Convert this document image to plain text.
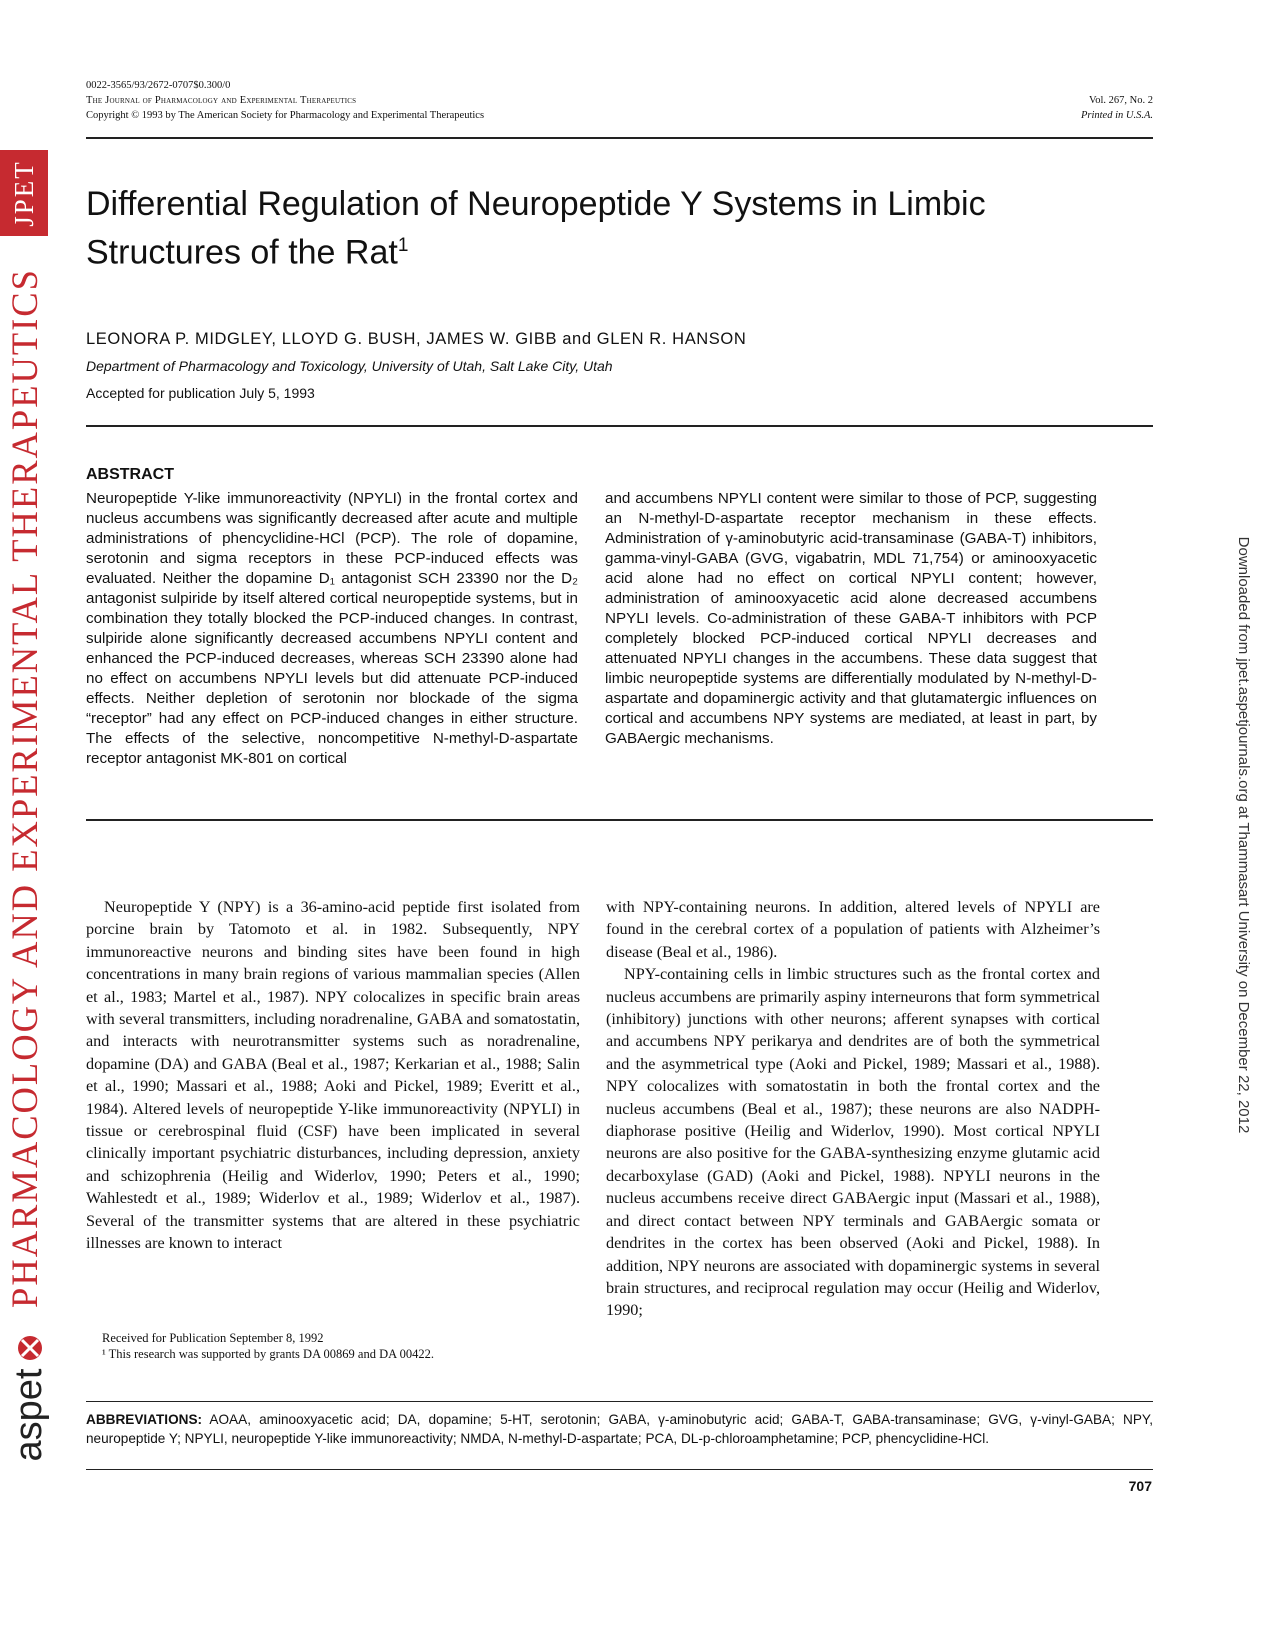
0022-3565/93/2672-0707$0.300/0
The Journal of Pharmacology and Experimental Therapeutics
Copyright © 1993 by The American Society for Pharmacology and Experimental Therapeutics
Vol. 267, No. 2
Printed in U.S.A.
JPET
PHARMACOLOGY AND EXPERIMENTAL THERAPEUTICS
aspet
Downloaded from jpet.aspetjournals.org at Thammasart University on December 22, 2012
Differential Regulation of Neuropeptide Y Systems in Limbic Structures of the Rat$^1$
LEONORA P. MIDGLEY, LLOYD G. BUSH, JAMES W. GIBB and GLEN R. HANSON
Department of Pharmacology and Toxicology, University of Utah, Salt Lake City, Utah
Accepted for publication July 5, 1993
ABSTRACT
Neuropeptide Y-like immunoreactivity (NPYLI) in the frontal cortex and nucleus accumbens was significantly decreased after acute and multiple administrations of phencyclidine-HCl (PCP). The role of dopamine, serotonin and sigma receptors in these PCP-induced effects was evaluated. Neither the dopamine D₁ antagonist SCH 23390 nor the D₂ antagonist sulpiride by itself altered cortical neuropeptide systems, but in combination they totally blocked the PCP-induced changes. In contrast, sulpiride alone significantly decreased accumbens NPYLI content and enhanced the PCP-induced decreases, whereas SCH 23390 alone had no effect on accumbens NPYLI levels but did attenuate PCP-induced effects. Neither depletion of serotonin nor blockade of the sigma “receptor” had any effect on PCP-induced changes in either structure. The effects of the selective, noncompetitive N-methyl-D-aspartate receptor antagonist MK-801 on cortical
and accumbens NPYLI content were similar to those of PCP, suggesting an N-methyl-D-aspartate receptor mechanism in these effects. Administration of γ-aminobutyric acid-transaminase (GABA-T) inhibitors, gamma-vinyl-GABA (GVG, vigabatrin, MDL 71,754) or aminooxyacetic acid alone had no effect on cortical NPYLI content; however, administration of aminooxyacetic acid alone decreased accumbens NPYLI levels. Co-administration of these GABA-T inhibitors with PCP completely blocked PCP-induced cortical NPYLI decreases and attenuated NPYLI changes in the accumbens. These data suggest that limbic neuropeptide systems are differentially modulated by N-methyl-D-aspartate and dopaminergic activity and that glutamatergic influences on cortical and accumbens NPY systems are mediated, at least in part, by GABAergic mechanisms.
Neuropeptide Y (NPY) is a 36-amino-acid peptide first isolated from porcine brain by Tatomoto et al. in 1982. Subsequently, NPY immunoreactive neurons and binding sites have been found in high concentrations in many brain regions of various mammalian species (Allen et al., 1983; Martel et al., 1987). NPY colocalizes in specific brain areas with several transmitters, including noradrenaline, GABA and somatostatin, and interacts with neurotransmitter systems such as noradrenaline, dopamine (DA) and GABA (Beal et al., 1987; Kerkarian et al., 1988; Salin et al., 1990; Massari et al., 1988; Aoki and Pickel, 1989; Everitt et al., 1984). Altered levels of neuropeptide Y-like immunoreactivity (NPYLI) in tissue or cerebrospinal fluid (CSF) have been implicated in several clinically important psychiatric disturbances, including depression, anxiety and schizophrenia (Heilig and Widerlov, 1990; Peters et al., 1990; Wahlestedt et al., 1989; Widerlov et al., 1989; Widerlov et al., 1987). Several of the transmitter systems that are altered in these psychiatric illnesses are known to interact

with NPY-containing neurons. In addition, altered levels of NPYLI are found in the cerebral cortex of a population of patients with Alzheimer’s disease (Beal et al., 1986).

NPY-containing cells in limbic structures such as the frontal cortex and nucleus accumbens are primarily aspiny interneurons that form symmetrical (inhibitory) junctions with other neurons; afferent synapses with cortical and accumbens NPY perikarya and dendrites are of both the symmetrical and the asymmetrical type (Aoki and Pickel, 1989; Massari et al., 1988). NPY colocalizes with somatostatin in both the frontal cortex and the nucleus accumbens (Beal et al., 1987); these neurons are also NADPH-diaphorase positive (Heilig and Widerlov, 1990). Most cortical NPYLI neurons are also positive for the GABA-synthesizing enzyme glutamic acid decarboxylase (GAD) (Aoki and Pickel, 1988). NPYLI neurons in the nucleus accumbens receive direct GABAergic input (Massari et al., 1988), and direct contact between NPY terminals and GABAergic somata or dendrites in the cortex has been observed (Aoki and Pickel, 1988). In addition, NPY neurons are associated with dopaminergic systems in several brain structures, and reciprocal regulation may occur (Heilig and Widerlov, 1990;

Received for Publication September 8, 1992
¹ This research was supported by grants DA 00869 and DA 00422.
ABBREVIATIONS: AOAA, aminooxyacetic acid; DA, dopamine; 5-HT, serotonin; GABA, γ-aminobutyric acid; GABA-T, GABA-transaminase; GVG, γ-vinyl-GABA; NPY, neuropeptide Y; NPYLI, neuropeptide Y-like immunoreactivity; NMDA, N-methyl-D-aspartate; PCA, DL-p-chloroamphetamine; PCP, phencyclidine-HCl.
707
